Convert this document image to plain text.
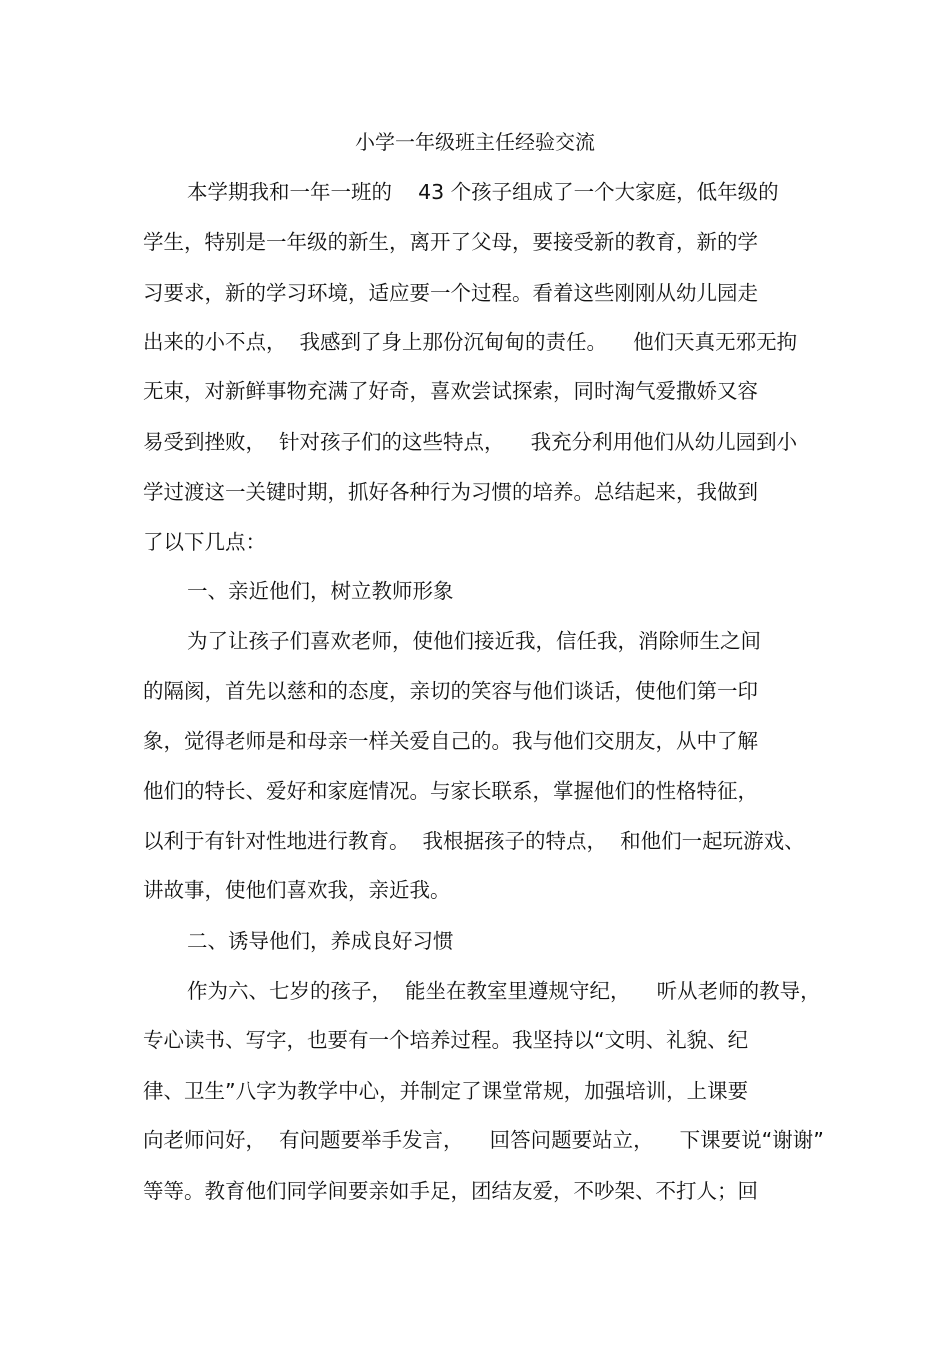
小学一年级班主任经验交流
本学期我和一年一班的    43 个孩子组成了一个大家庭，低年级的
学生，特别是一年级的新生，离开了父母，要接受新的教育，新的学
习要求，新的学习环境，适应要一个过程。看着这些刚刚从幼儿园走
出来的小不点，  我感到了身上那份沉甸甸的责任。    他们天真无邪无拘
无束，对新鲜事物充满了好奇，喜欢尝试探索，同时淘气爱撒娇又容
易受到挫败，  针对孩子们的这些特点，    我充分利用他们从幼儿园到小
学过渡这一关键时期，抓好各种行为习惯的培养。总结起来，我做到
了以下几点：
一、亲近他们，树立教师形象
为了让孩子们喜欢老师，使他们接近我，信任我，消除师生之间
的隔阂，首先以慈和的态度，亲切的笑容与他们谈话，使他们第一印
象，觉得老师是和母亲一样关爱自己的。我与他们交朋友，从中了解
他们的特长、爱好和家庭情况。与家长联系，掌握他们的性格特征，
以利于有针对性地进行教育。  我根据孩子的特点，  和他们一起玩游戏、
讲故事，使他们喜欢我，亲近我。
二、诱导他们，养成良好习惯
作为六、七岁的孩子，  能坐在教室里遵规守纪，    听从老师的教导，
专心读书、写字，也要有一个培养过程。我坚持以“文明、礼貌、纪
律、卫生”八字为教学中心，并制定了课堂常规，加强培训，上课要
向老师问好，  有问题要举手发言，    回答问题要站立，    下课要说“谢谢”
等等。教育他们同学间要亲如手足，团结友爱，不吵架、不打人；回
